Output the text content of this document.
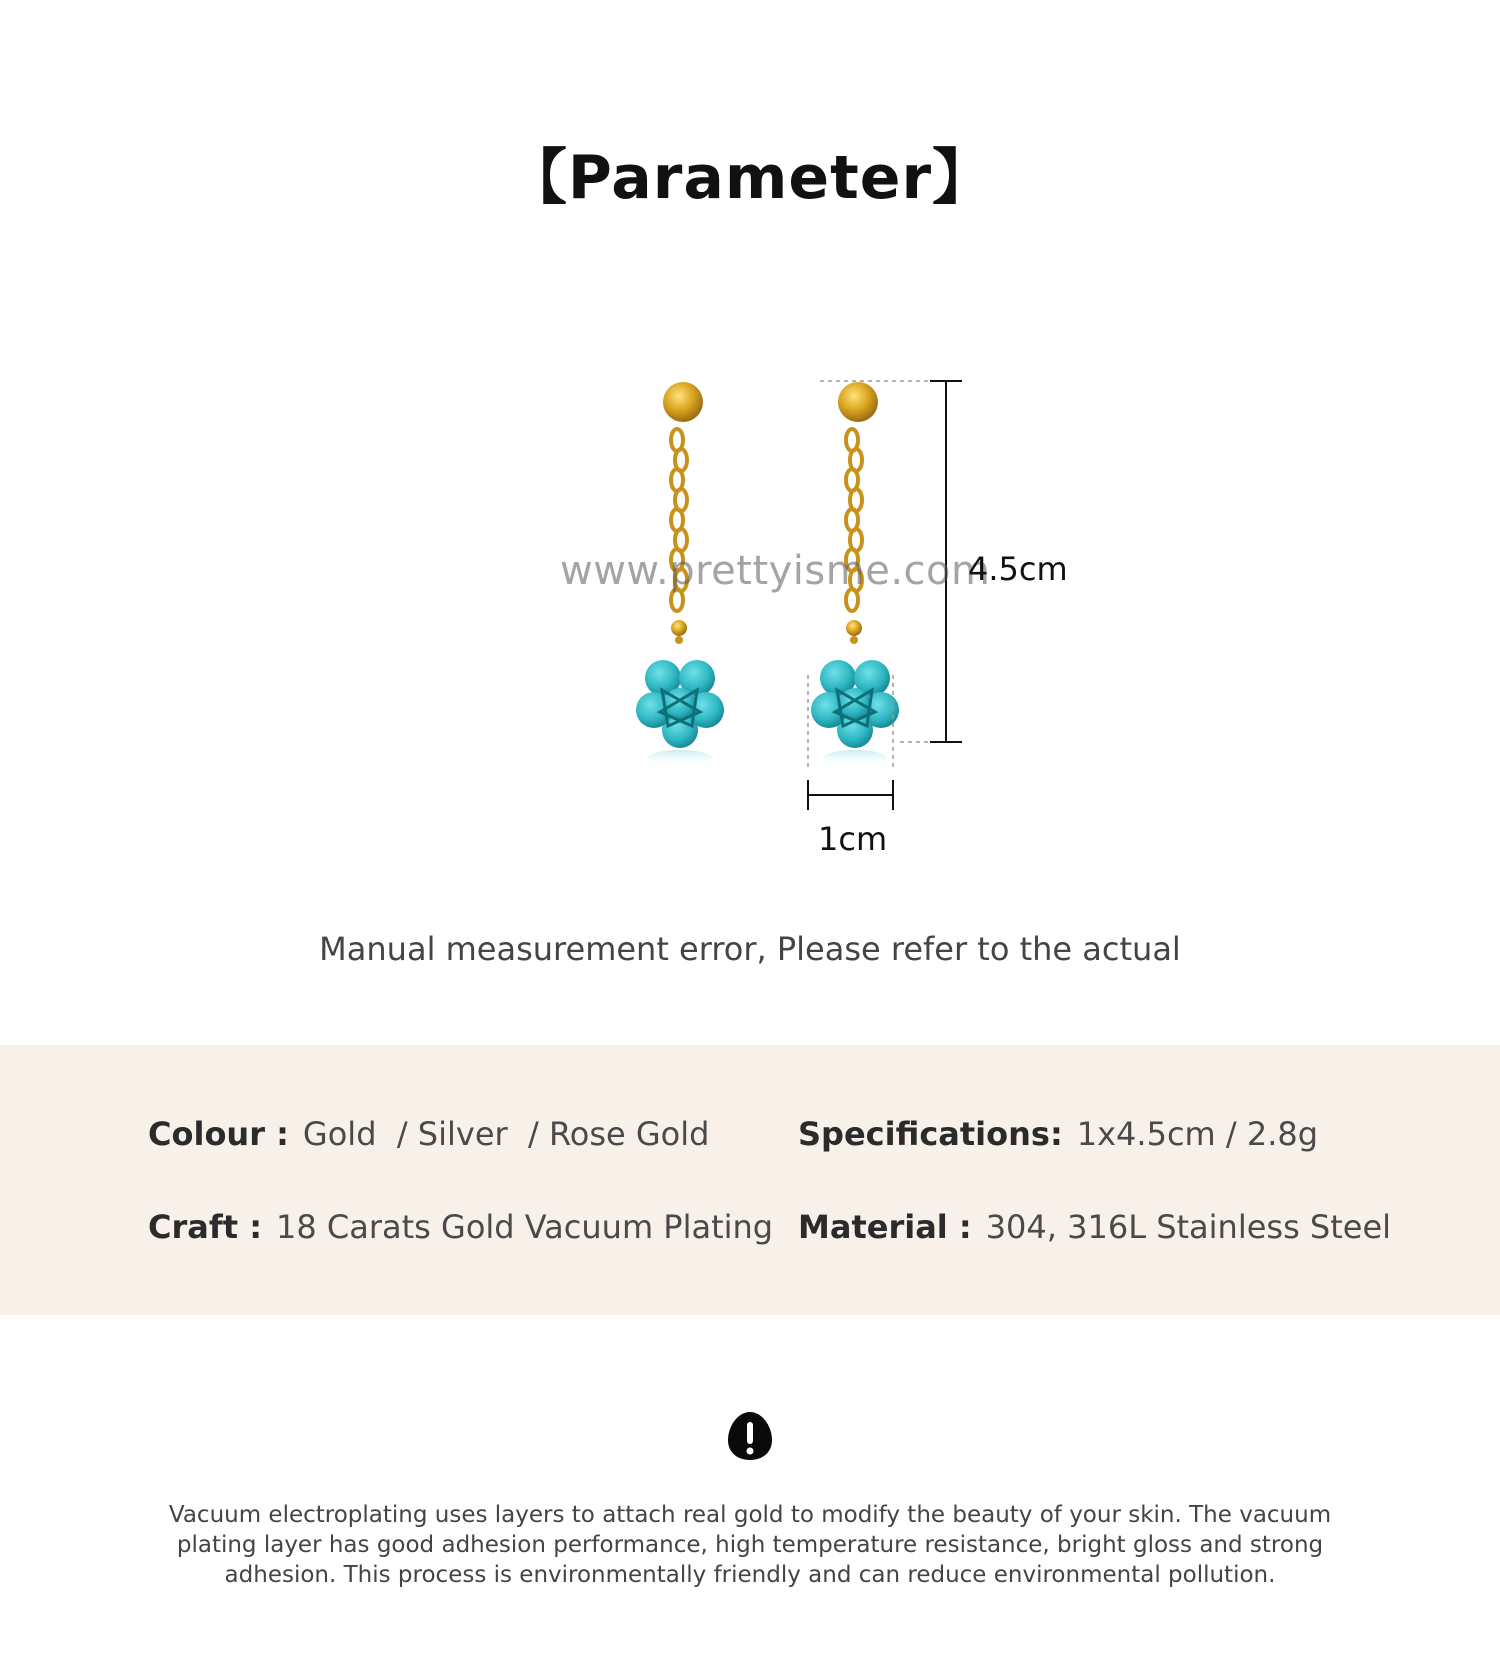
【Parameter】
www.prettyisme.com
4.5cm
1cm
Manual measurement error, Please refer to the actual
Colour : Gold  / Silver  / Rose Gold	Specifications: 1x4.5cm / 2.8g
Craft : 18 Carats Gold Vacuum Plating Material : 304, 316L Stainless Steel
Vacuum electroplating uses layers to attach real gold to modify the beauty of your skin. The vacuum plating layer has good adhesion performance, high temperature resistance, bright gloss and strong adhesion. This process is environmentally friendly and can reduce environmental pollution.
